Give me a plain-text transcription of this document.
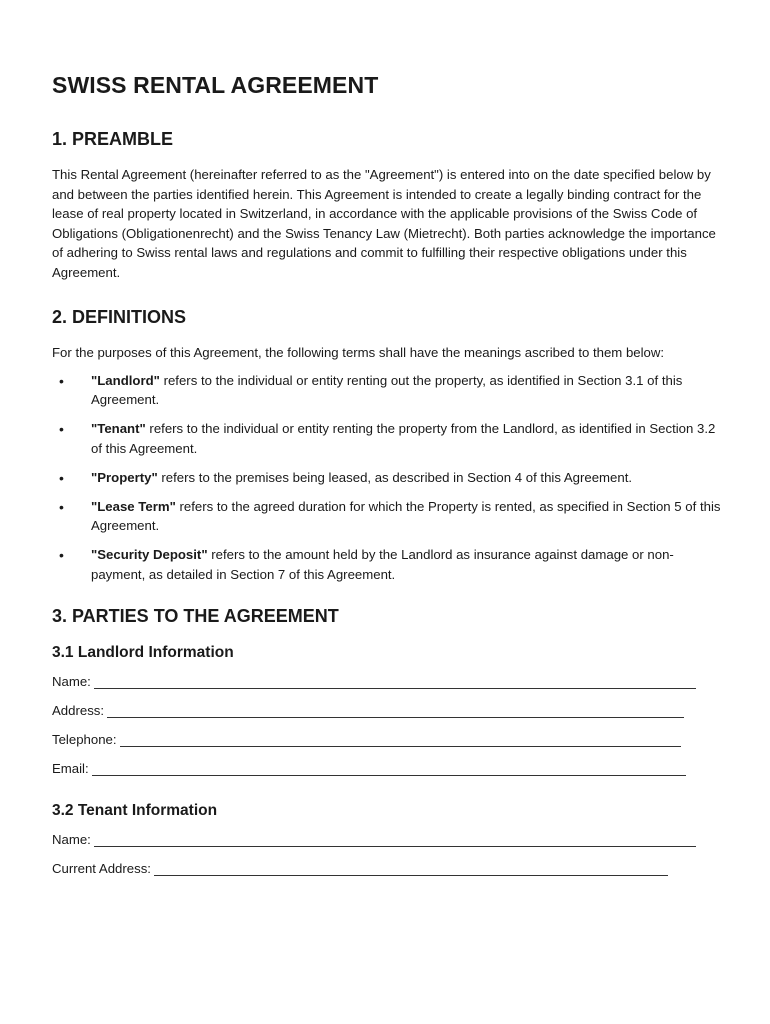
SWISS RENTAL AGREEMENT
1. PREAMBLE

This Rental Agreement (hereinafter referred to as the "Agreement") is entered into on the date specified below by and between the parties identified herein. This Agreement is intended to create a legally binding contract for the lease of real property located in Switzerland, in accordance with the applicable provisions of the Swiss Code of Obligations (Obligationenrecht) and the Swiss Tenancy Law (Mietrecht). Both parties acknowledge the importance of adhering to Swiss rental laws and regulations and commit to fulfilling their respective obligations under this Agreement.

2. DEFINITIONS

For the purposes of this Agreement, the following terms shall have the meanings ascribed to them below:

• "Landlord" refers to the individual or entity renting out the property, as identified in Section 3.1 of this Agreement.
• "Tenant" refers to the individual or entity renting the property from the Landlord, as identified in Section 3.2 of this Agreement.
• "Property" refers to the premises being leased, as described in Section 4 of this Agreement.
• "Lease Term" refers to the agreed duration for which the Property is rented, as specified in Section 5 of this Agreement.
• "Security Deposit" refers to the amount held by the Landlord as insurance against damage or non-payment, as detailed in Section 7 of this Agreement.
3. PARTIES TO THE AGREEMENT
3.1 Landlord Information
Name:
Address:
Telephone:
Email:
3.2 Tenant Information
Name:
Current Address:
